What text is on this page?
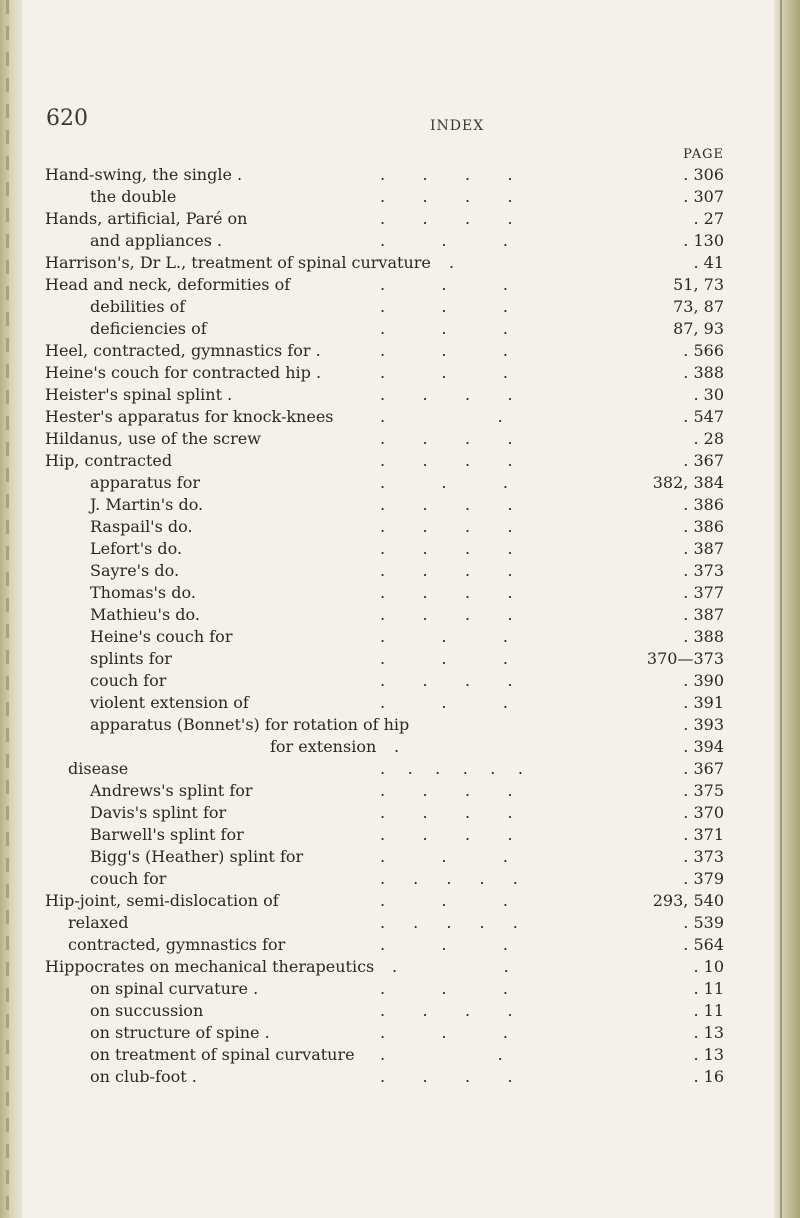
620	INDEX
PAGE
Hand-swing, the single .	. . . .	. 306
the double	. . . .	. 307
Hands, artificial, Paré on	. . . .	. 27
and appliances .	. . .	. 130
Harrison's, Dr L., treatment of spinal curvature .	. 41
Head and neck, deformities of	. . .	51, 73
debilities of	. . .	73, 87
deficiencies of	. . .	87, 93
Heel, contracted, gymnastics for .	. . .	. 566
Heine's couch for contracted hip .	. . .	. 388
Heister's spinal splint .	. . . .	. 30
Hester's apparatus for knock-knees	. .	. 547
Hildanus, use of the screw	. . . .	. 28
Hip, contracted	. . . .	. 367
apparatus for	. . .	382, 384
J. Martin's do.	. . . .	. 386
Raspail's do.	. . . .	. 386
Lefort's do.	. . . .	. 387
Sayre's do.	. . . .	. 373
Thomas's do.	. . . .	. 377
Mathieu's do.	. . . .	. 387
Heine's couch for	. . .	. 388
splints for	. . .	370—373
couch for	. . . .	. 390
violent extension of	. . .	. 391
apparatus (Bonnet's) for rotation of hip	. 393
for extension .	. 394
disease	. . . . . .	. 367
Andrews's splint for	. . . .	. 375
Davis's splint for	. . . .	. 370
Barwell's splint for	. . . .	. 371
Bigg's (Heather) splint for	. . .	. 373
couch for	. . . . .	. 379
Hip-joint, semi-dislocation of	. . .	293, 540
relaxed	. . . . .	. 539
contracted, gymnastics for	. . .	. 564
Hippocrates on mechanical therapeutics . .	. 10
on spinal curvature .	. . .	. 11
on succussion	. . . .	. 11
on structure of spine .	. . .	. 13
on treatment of spinal curvature . .	. 13
on club-foot .	. . . .	. 16
